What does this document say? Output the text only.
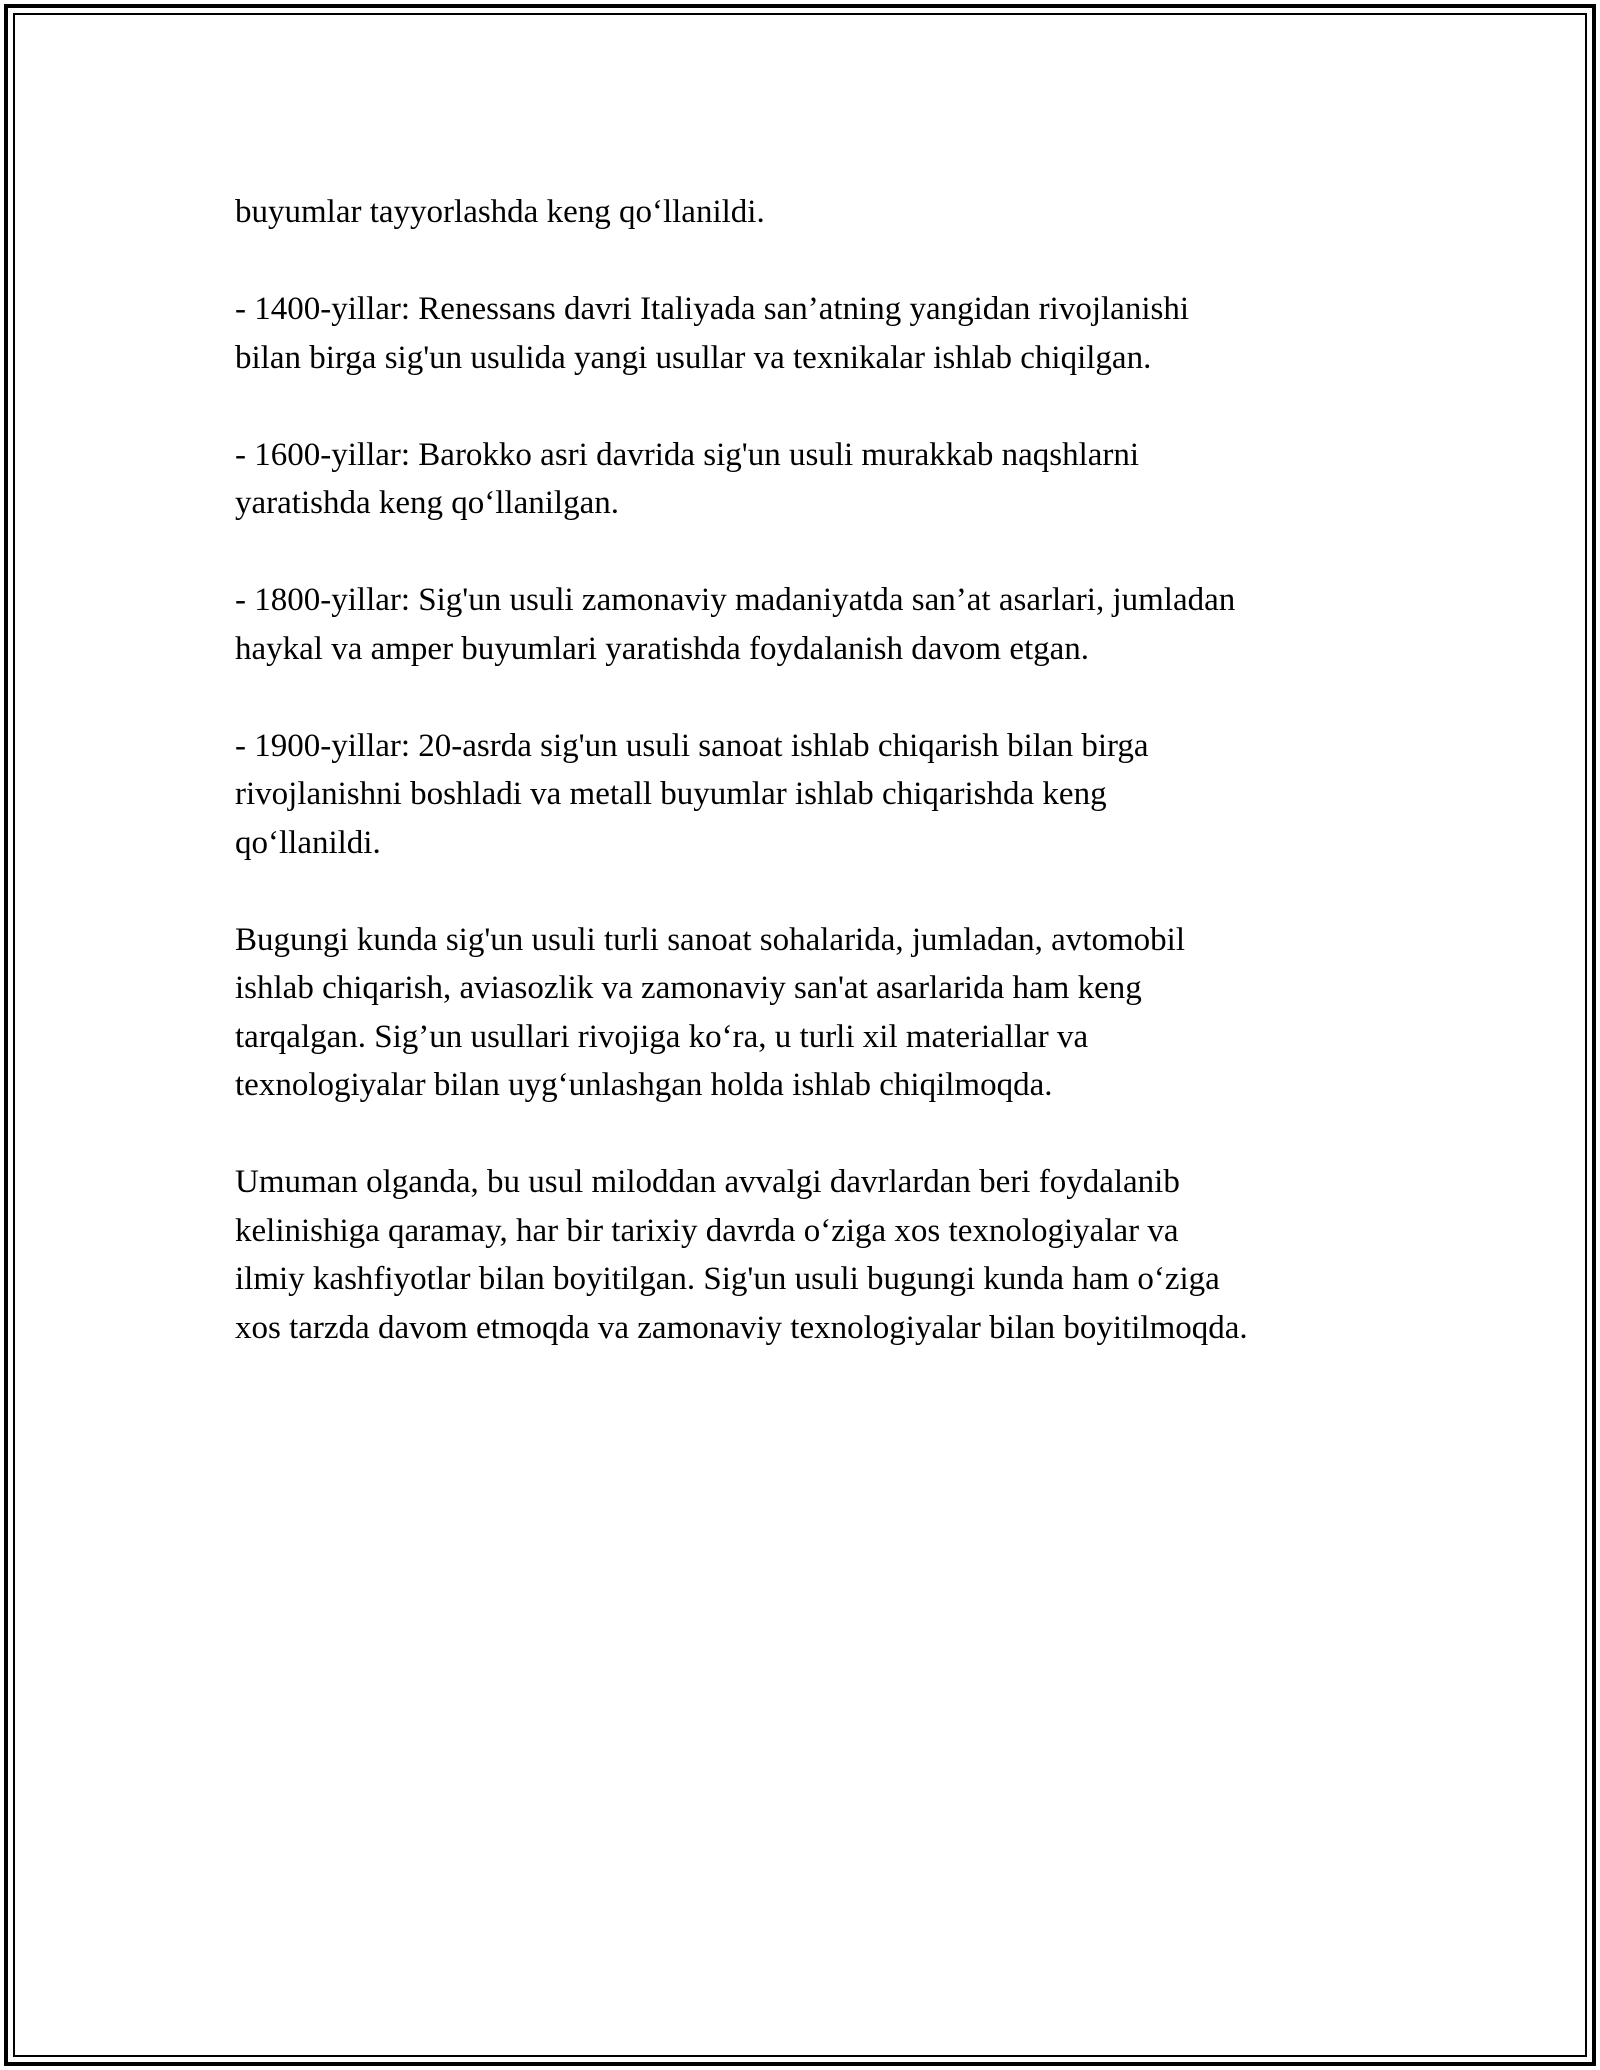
buyumlar tayyorlashda keng qo‘llanildi.

- 1400-yillar: Renessans davri Italiyada san’atning yangidan rivojlanishi
bilan birga sig'un usulida yangi usullar va texnikalar ishlab chiqilgan.

- 1600-yillar: Barokko asri davrida sig'un usuli murakkab naqshlarni
yaratishda keng qo‘llanilgan.

- 1800-yillar: Sig'un usuli zamonaviy madaniyatda san’at asarlari, jumladan
haykal va amper buyumlari yaratishda foydalanish davom etgan.

- 1900-yillar: 20-asrda sig'un usuli sanoat ishlab chiqarish bilan birga
rivojlanishni boshladi va metall buyumlar ishlab chiqarishda keng
qo‘llanildi.

Bugungi kunda sig'un usuli turli sanoat sohalarida, jumladan, avtomobil
ishlab chiqarish, aviasozlik va zamonaviy san'at asarlarida ham keng
tarqalgan. Sig’un usullari rivojiga ko‘ra, u turli xil materiallar va
texnologiyalar bilan uyg‘unlashgan holda ishlab chiqilmoqda.

Umuman olganda, bu usul miloddan avvalgi davrlardan beri foydalanib
kelinishiga qaramay, har bir tarixiy davrda o‘ziga xos texnologiyalar va
ilmiy kashfiyotlar bilan boyitilgan. Sig'un usuli bugungi kunda ham o‘ziga
xos tarzda davom etmoqda va zamonaviy texnologiyalar bilan boyitilmoqda.
